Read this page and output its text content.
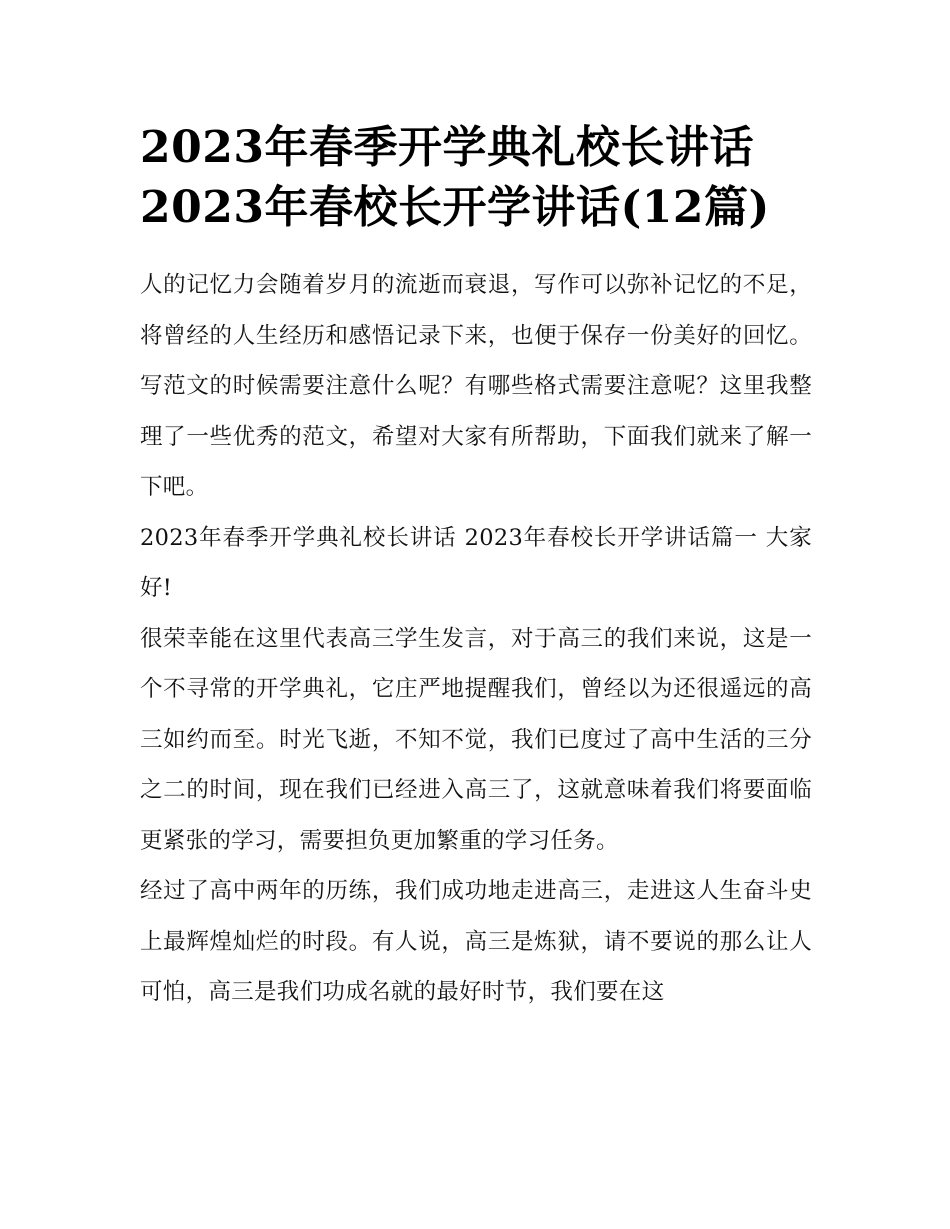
2023年春季开学典礼校长讲话
2023年春校长开学讲话(12篇)

人的记忆力会随着岁月的流逝而衰退，写作可以弥补记忆的不足，将曾经的人生经历和感悟记录下来，也便于保存一份美好的回忆。写范文的时候需要注意什么呢？有哪些格式需要注意呢？这里我整理了一些优秀的范文，希望对大家有所帮助，下面我们就来了解一下吧。

2023年春季开学典礼校长讲话 2023年春校长开学讲话篇一 大家好!

很荣幸能在这里代表高三学生发言，对于高三的我们来说，这是一个不寻常的开学典礼，它庄严地提醒我们，曾经以为还很遥远的高三如约而至。时光飞逝，不知不觉，我们已度过了高中生活的三分之二的时间，现在我们已经进入高三了，这就意味着我们将要面临更紧张的学习，需要担负更加繁重的学习任务。

经过了高中两年的历练，我们成功地走进高三，走进这人生奋斗史上最辉煌灿烂的时段。有人说，高三是炼狱，请不要说的那么让人可怕，高三是我们功成名就的最好时节，我们要在这
